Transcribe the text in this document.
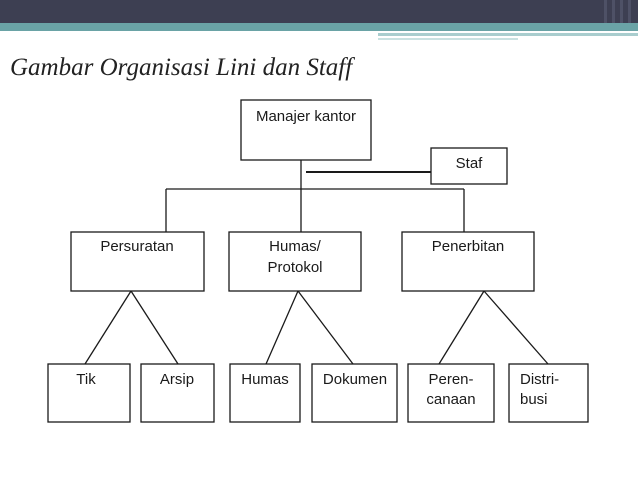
Gambar Organisasi Lini dan Staff
Manajer kantor
Staf
Persuratan	Humas/
Protokol
Penerbitan
Tik	Arsip	Humas Dokumen	Peren-
canaan
Distri-
busi
